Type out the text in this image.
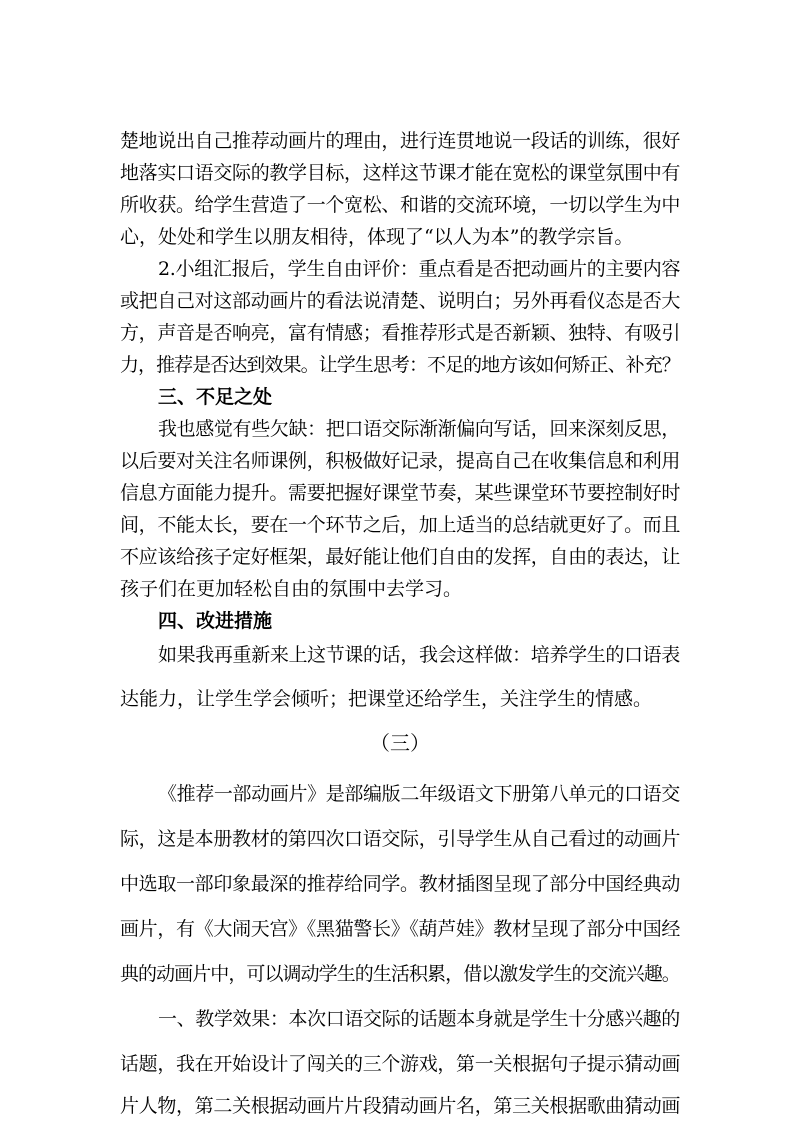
楚地说出自己推荐动画片的理由，进行连贯地说一段话的训练，很好
地落实口语交际的教学目标，这样这节课才能在宽松的课堂氛围中有
所收获。给学生营造了一个宽松、和谐的交流环境，一切以学生为中
心，处处和学生以朋友相待，体现了“以人为本”的教学宗旨。
2.小组汇报后，学生自由评价：重点看是否把动画片的主要内容
或把自己对这部动画片的看法说清楚、说明白；另外再看仪态是否大
方，声音是否响亮，富有情感；看推荐形式是否新颖、独特、有吸引
力，推荐是否达到效果。让学生思考：不足的地方该如何矫正、补充？
三、不足之处
我也感觉有些欠缺：把口语交际渐渐偏向写话，回来深刻反思，
以后要对关注名师课例，积极做好记录，提高自己在收集信息和利用
信息方面能力提升。需要把握好课堂节奏，某些课堂环节要控制好时
间，不能太长，要在一个环节之后，加上适当的总结就更好了。而且
不应该给孩子定好框架，最好能让他们自由的发挥，自由的表达，让
孩子们在更加轻松自由的氛围中去学习。
四、改进措施
如果我再重新来上这节课的话，我会这样做：培养学生的口语表
达能力，让学生学会倾听；把课堂还给学生，关注学生的情感。
（三）
《推荐一部动画片》是部编版二年级语文下册第八单元的口语交
际，这是本册教材的第四次口语交际，引导学生从自己看过的动画片
中选取一部印象最深的推荐给同学。教材插图呈现了部分中国经典动
画片，有《大闹天宫》《黑猫警长》《葫芦娃》教材呈现了部分中国经
典的动画片中，可以调动学生的生活积累，借以激发学生的交流兴趣。
一、教学效果：本次口语交际的话题本身就是学生十分感兴趣的
话题，我在开始设计了闯关的三个游戏，第一关根据句子提示猜动画
片人物，第二关根据动画片片段猜动画片名，第三关根据歌曲猜动画
